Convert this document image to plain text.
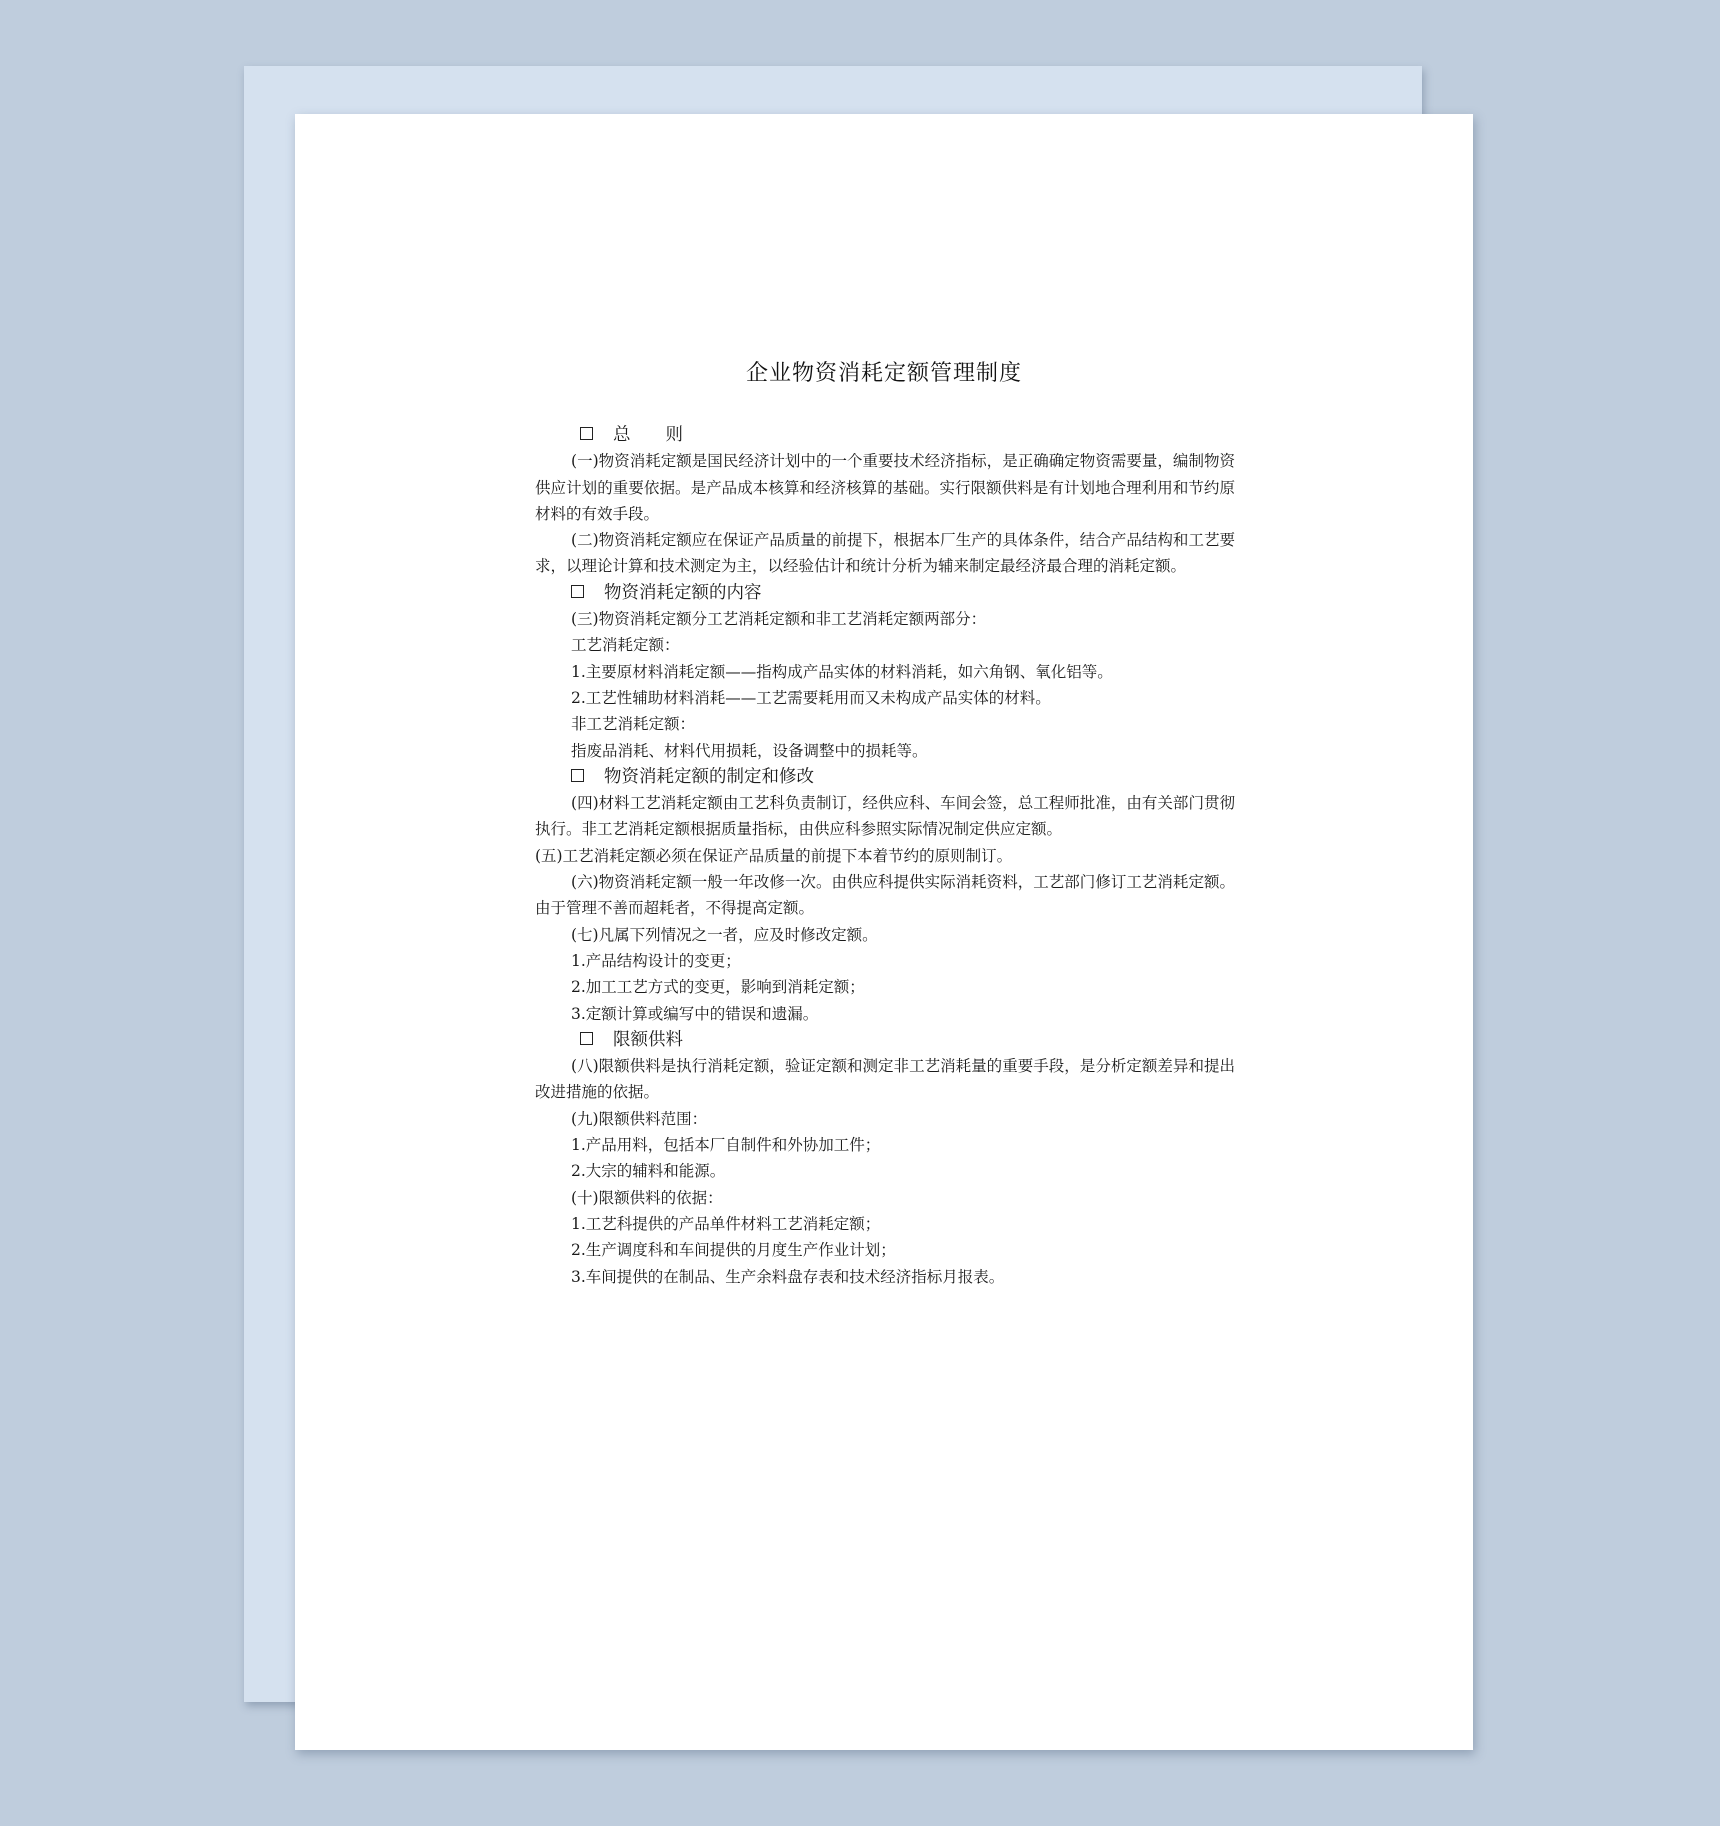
企业物资消耗定额管理制度

总　　则

(一)物资消耗定额是国民经济计划中的一个重要技术经济指标，是正确确定物资需要量，编制物资供应计划的重要依据。是产品成本核算和经济核算的基础。实行限额供料是有计划地合理利用和节约原材料的有效手段。

(二)物资消耗定额应在保证产品质量的前提下，根据本厂生产的具体条件，结合产品结构和工艺要求，以理论计算和技术测定为主，以经验估计和统计分析为辅来制定最经济最合理的消耗定额。

物资消耗定额的内容

(三)物资消耗定额分工艺消耗定额和非工艺消耗定额两部分：

工艺消耗定额：

1.主要原材料消耗定额——指构成产品实体的材料消耗，如六角钢、氧化铝等。

2.工艺性辅助材料消耗——工艺需要耗用而又未构成产品实体的材料。

非工艺消耗定额：

指废品消耗、材料代用损耗，设备调整中的损耗等。

物资消耗定额的制定和修改

(四)材料工艺消耗定额由工艺科负责制订，经供应科、车间会签，总工程师批准，由有关部门贯彻执行。非工艺消耗定额根据质量指标，由供应科参照实际情况制定供应定额。

(五)工艺消耗定额必须在保证产品质量的前提下本着节约的原则制订。

(六)物资消耗定额一般一年改修一次。由供应科提供实际消耗资料，工艺部门修订工艺消耗定额。由于管理不善而超耗者，不得提高定额。

(七)凡属下列情况之一者，应及时修改定额。

1.产品结构设计的变更；

2.加工工艺方式的变更，影响到消耗定额；

3.定额计算或编写中的错误和遗漏。

限额供料

(八)限额供料是执行消耗定额，验证定额和测定非工艺消耗量的重要手段，是分析定额差异和提出改进措施的依据。

(九)限额供料范围：

1.产品用料，包括本厂自制件和外协加工件；

2.大宗的辅料和能源。

(十)限额供料的依据：

1.工艺科提供的产品单件材料工艺消耗定额；

2.生产调度科和车间提供的月度生产作业计划；

3.车间提供的在制品、生产余料盘存表和技术经济指标月报表。
